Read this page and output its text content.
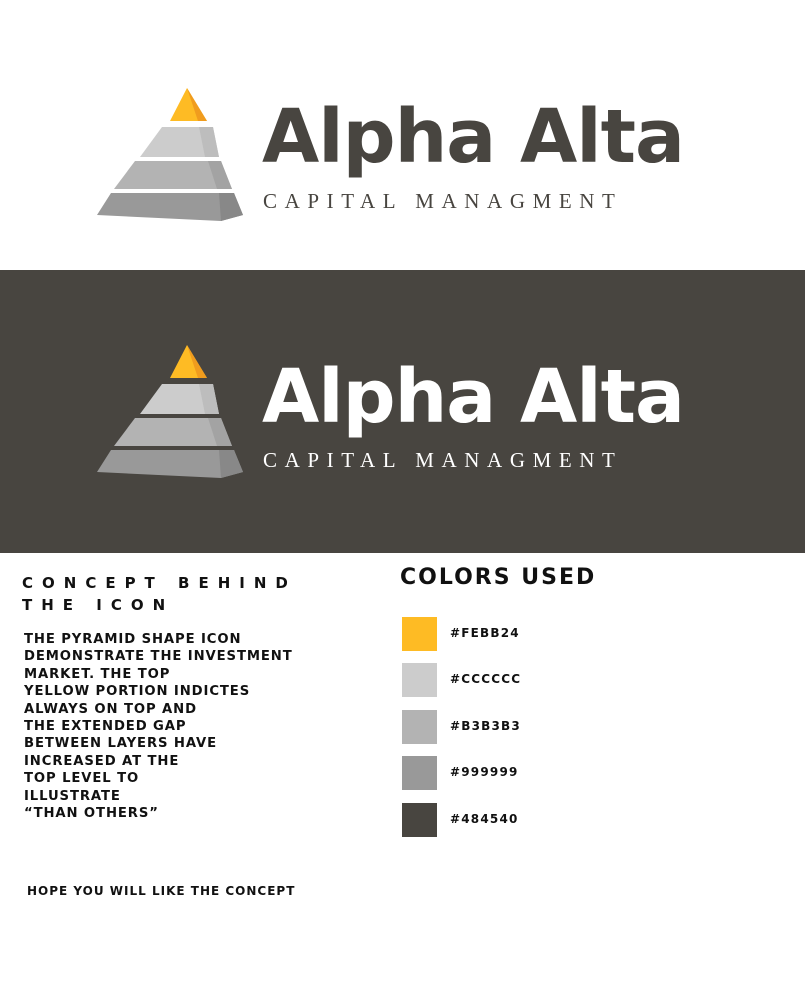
Alpha Alta

CAPITAL MANAGMENT

Alpha Alta

CAPITAL MANAGMENT

CONCEPT BEHIND
THE ICON

THE PYRAMID SHAPE ICON
DEMONSTRATE THE INVESTMENT
MARKET. THE TOP
YELLOW PORTION INDICTES
ALWAYS ON TOP AND
THE EXTENDED GAP
BETWEEN LAYERS HAVE
INCREASED AT THE
TOP LEVEL TO
ILLUSTRATE
“THAN OTHERS”

HOPE YOU WILL LIKE THE CONCEPT

COLORS USED
#FEBB24
#CCCCCC
#B3B3B3
#999999
#484540
